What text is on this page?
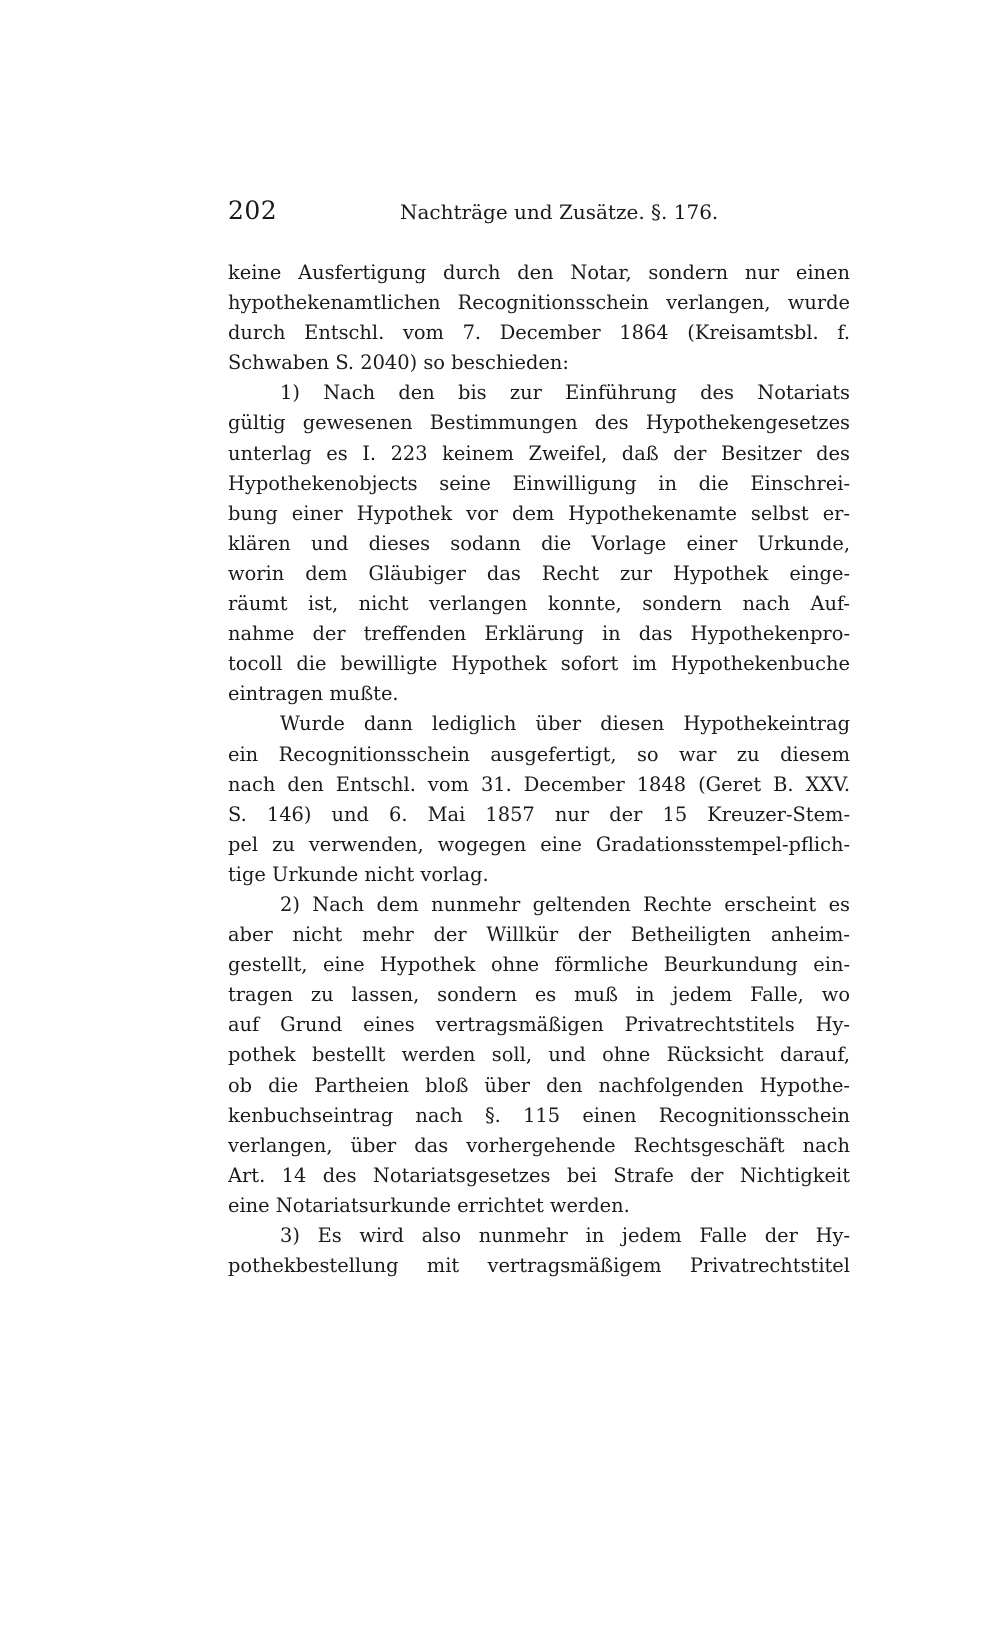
202	Nachträge und Zusätze. §. 176.
keine Ausfertigung durch den Notar, sondern nur einen
hypothekenamtlichen Recognitionsschein verlangen, wurde
durch Entschl. vom 7. December 1864 (Kreisamtsbl. f.
Schwaben S. 2040) so beschieden:
1) Nach den bis zur Einführung des Notariats
gültig gewesenen Bestimmungen des Hypothekengesetzes
unterlag es I. 223 keinem Zweifel, daß der Besitzer des
Hypothekenobjects seine Einwilligung in die Einschrei-
bung einer Hypothek vor dem Hypothekenamte selbst er-
klären und dieses sodann die Vorlage einer Urkunde,
worin dem Gläubiger das Recht zur Hypothek einge-
räumt ist, nicht verlangen konnte, sondern nach Auf-
nahme der treffenden Erklärung in das Hypothekenpro-
tocoll die bewilligte Hypothek sofort im Hypothekenbuche
eintragen mußte.
Wurde dann lediglich über diesen Hypothekeintrag
ein Recognitionsschein ausgefertigt, so war zu diesem
nach den Entschl. vom 31. December 1848 (Geret B. XXV.
S. 146) und 6. Mai 1857 nur der 15 Kreuzer-Stem-
pel zu verwenden, wogegen eine Gradationsstempel-pflich-
tige Urkunde nicht vorlag.
2) Nach dem nunmehr geltenden Rechte erscheint es
aber nicht mehr der Willkür der Betheiligten anheim-
gestellt, eine Hypothek ohne förmliche Beurkundung ein-
tragen zu lassen, sondern es muß in jedem Falle, wo
auf Grund eines vertragsmäßigen Privatrechtstitels Hy-
pothek bestellt werden soll, und ohne Rücksicht darauf,
ob die Partheien bloß über den nachfolgenden Hypothe-
kenbuchseintrag nach §. 115 einen Recognitionsschein
verlangen, über das vorhergehende Rechtsgeschäft nach
Art. 14 des Notariatsgesetzes bei Strafe der Nichtigkeit
eine Notariatsurkunde errichtet werden.
3) Es wird also nunmehr in jedem Falle der Hy-
pothekbestellung mit vertragsmäßigem Privatrechtstitel
